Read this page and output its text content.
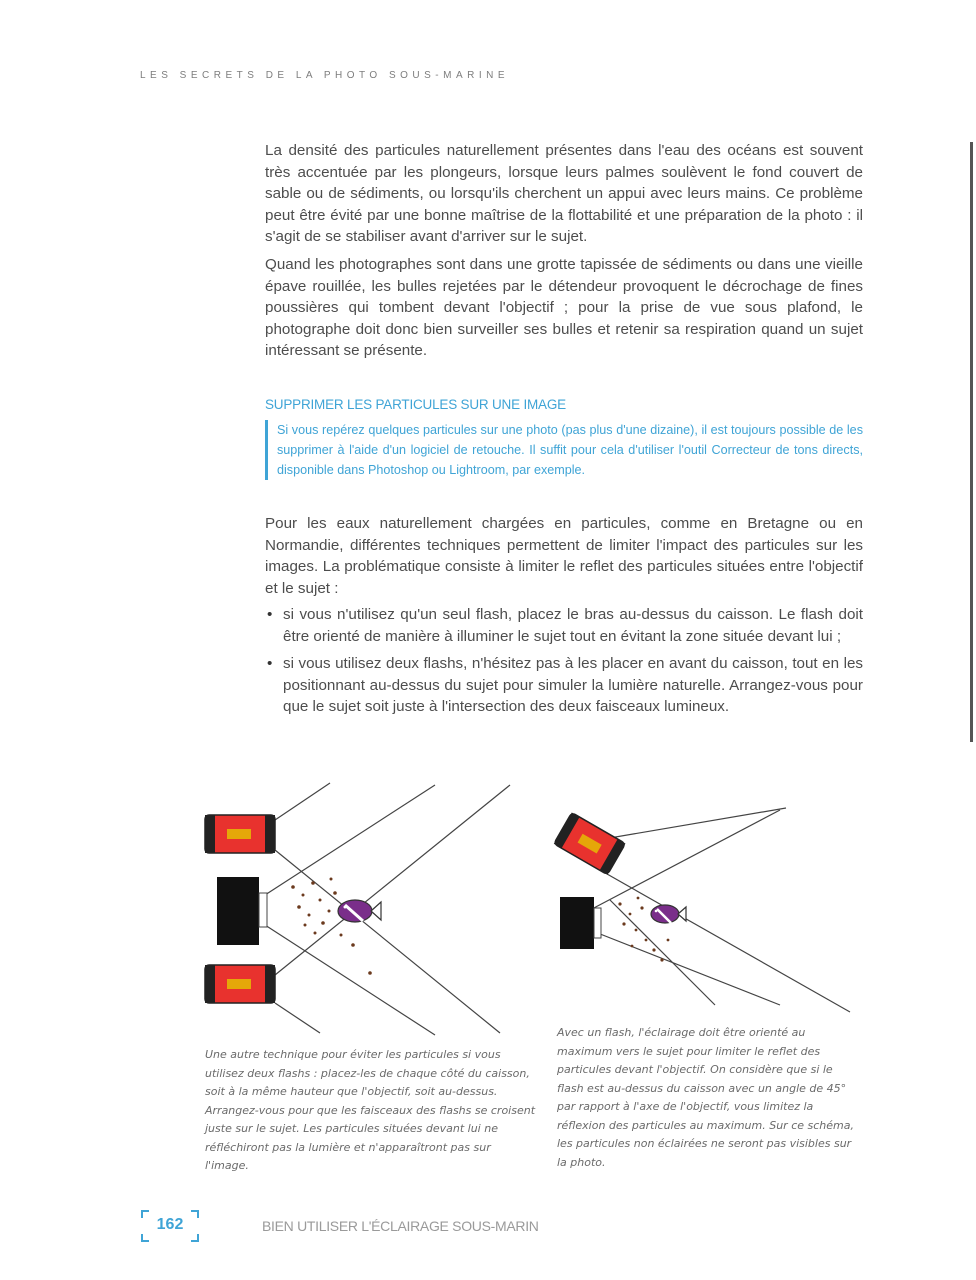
LES SECRETS DE LA PHOTO SOUS-MARINE

La densité des particules naturellement présentes dans l'eau des océans est souvent très accentuée par les plongeurs, lorsque leurs palmes soulèvent le fond couvert de sable ou de sédiments, ou lorsqu'ils cherchent un appui avec leurs mains. Ce problème peut être évité par une bonne maîtrise de la flottabilité et une préparation de la photo : il s'agit de se stabiliser avant d'arriver sur le sujet.

Quand les photographes sont dans une grotte tapissée de sédiments ou dans une vieille épave rouillée, les bulles rejetées par le détendeur provoquent le décrochage de fines poussières qui tombent devant l'objectif ; pour la prise de vue sous plafond, le photographe doit donc bien surveiller ses bulles et retenir sa respiration quand un sujet intéressant se présente.

SUPPRIMER LES PARTICULES SUR UNE IMAGE
Si vous repérez quelques particules sur une photo (pas plus d'une dizaine), il est toujours possible de les supprimer à l'aide d'un logiciel de retouche. Il suffit pour cela d'utiliser l'outil Correcteur de tons directs, disponible dans Photoshop ou Lightroom, par exemple.

Pour les eaux naturellement chargées en particules, comme en Bretagne ou en Normandie, différentes techniques permettent de limiter l'impact des particules sur les images. La problématique consiste à limiter le reflet des particules situées entre l'objectif et le sujet :

• si vous n'utilisez qu'un seul flash, placez le bras au-dessus du caisson. Le flash doit être orienté de manière à illuminer le sujet tout en évitant la zone située devant lui ;
• si vous utilisez deux flashs, n'hésitez pas à les placer en avant du caisson, tout en les positionnant au-dessus du sujet pour simuler la lumière naturelle. Arrangez-vous pour que le sujet soit juste à l'intersection des deux faisceaux lumineux.
Une autre technique pour éviter les particules si vous utilisez deux flashs : placez-les de chaque côté du caisson, soit à la même hauteur que l'objectif, soit au-dessus. Arrangez-vous pour que les faisceaux des flashs se croisent juste sur le sujet. Les particules situées devant lui ne réfléchiront pas la lumière et n'apparaîtront pas sur l'image.
Avec un flash, l'éclairage doit être orienté au maximum vers le sujet pour limiter le reflet des particules devant l'objectif. On considère que si le flash est au-dessus du caisson avec un angle de 45° par rapport à l'axe de l'objectif, vous limitez la réflexion des particules au maximum. Sur ce schéma, les particules non éclairées ne seront pas visibles sur la photo.
162	BIEN UTILISER L'ÉCLAIRAGE SOUS-MARIN
